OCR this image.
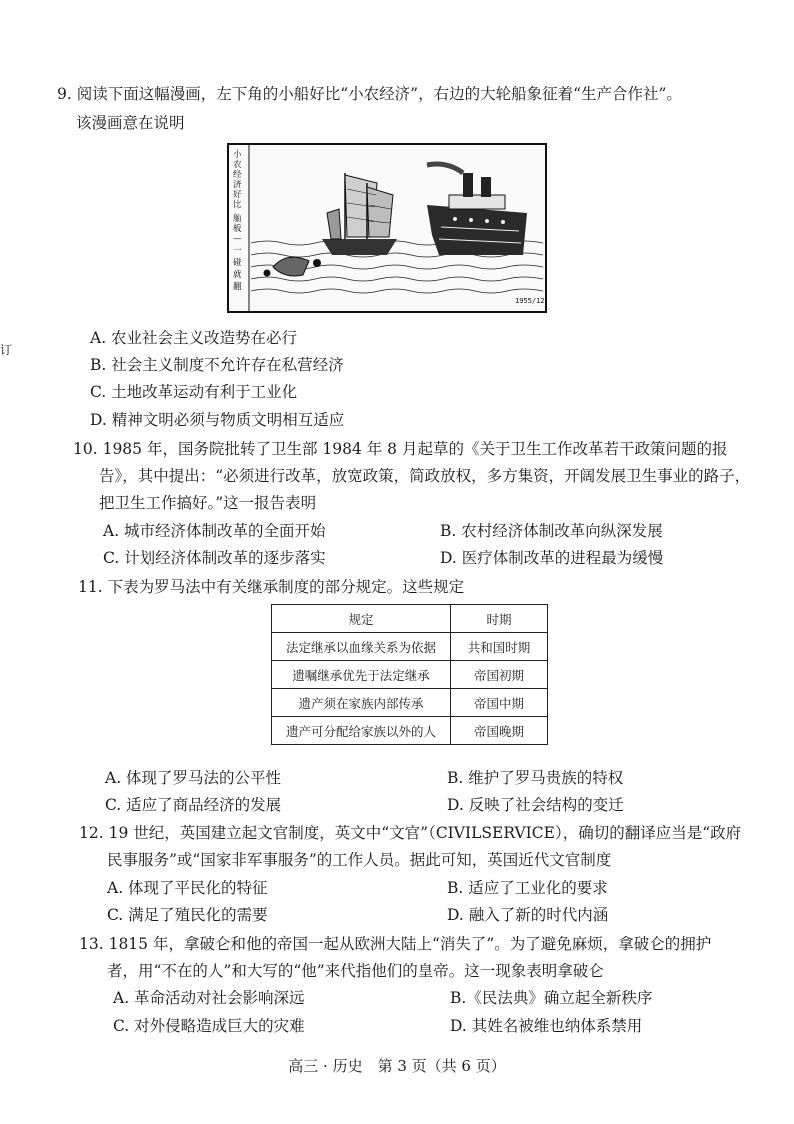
9. 阅读下面这幅漫画，左下角的小船好比“小农经济”，右边的大轮船象征着“生产合作社”。
该漫画意在说明
小
农
经
济
好
比
舢
板
—
一
碰
就
翻
1955/12
A. 农业社会主义改造势在必行
B. 社会主义制度不允许存在私营经济
C. 土地改革运动有利于工业化
D. 精神文明必须与物质文明相互适应
订
10. 1985 年，国务院批转了卫生部 1984 年 8 月起草的《关于卫生工作改革若干政策问题的报
告》，其中提出：“必须进行改革，放宽政策，简政放权，多方集资，开阔发展卫生事业的路子，
把卫生工作搞好。”这一报告表明
A. 城市经济体制改革的全面开始	B. 农村经济体制改革向纵深发展
C. 计划经济体制改革的逐步落实	D. 医疗体制改革的进程最为缓慢
11. 下表为罗马法中有关继承制度的部分规定。这些规定
规定	时期
法定继承以血缘关系为依据	共和国时期
遗嘱继承优先于法定继承	帝国初期
遗产须在家族内部传承	帝国中期
遗产可分配给家族以外的人	帝国晚期
A. 体现了罗马法的公平性	B. 维护了罗马贵族的特权
C. 适应了商品经济的发展	D. 反映了社会结构的变迁
12. 19 世纪，英国建立起文官制度，英文中“文官”（CIVILSERVICE），确切的翻译应当是“政府
民事服务”或“国家非军事服务”的工作人员。据此可知，英国近代文官制度
A. 体现了平民化的特征	B. 适应了工业化的要求
C. 满足了殖民化的需要	D. 融入了新的时代内涵
13. 1815 年，拿破仑和他的帝国一起从欧洲大陆上“消失了”。为了避免麻烦，拿破仑的拥护
者，用“不在的人”和大写的“他”来代指他们的皇帝。这一现象表明拿破仑
A. 革命活动对社会影响深远	B.《民法典》确立起全新秩序
C. 对外侵略造成巨大的灾难	D. 其姓名被维也纳体系禁用
高三 · 历史　第 3 页（共 6 页）
